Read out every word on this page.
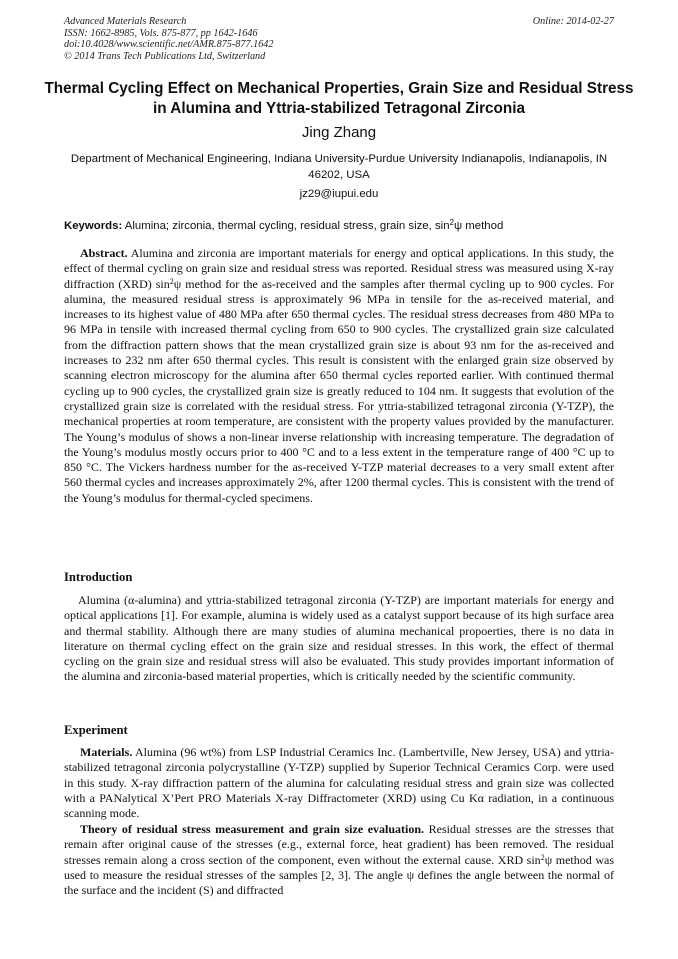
Advanced Materials Research
ISSN: 1662-8985, Vols. 875-877, pp 1642-1646
doi:10.4028/www.scientific.net/AMR.875-877.1642
© 2014 Trans Tech Publications Ltd, Switzerland
Online: 2014-02-27
Thermal Cycling Effect on Mechanical Properties, Grain Size and Residual Stress in Alumina and Yttria-stabilized Tetragonal Zirconia
Jing Zhang
Department of Mechanical Engineering, Indiana University-Purdue University Indianapolis, Indianapolis, IN 46202, USA
jz29@iupui.edu
Keywords: Alumina; zirconia, thermal cycling, residual stress, grain size, $\sin^2\psi$ method
Abstract. Alumina and zirconia are important materials for energy and optical applications. In this study, the effect of thermal cycling on grain size and residual stress was reported. Residual stress was measured using X-ray diffraction (XRD) $\sin^2\psi$ method for the as-received and the samples after thermal cycling up to 900 cycles. For alumina, the measured residual stress is approximately 96 MPa in tensile for the as-received material, and increases to its highest value of 480 MPa after 650 thermal cycles. The residual stress decreases from 480 MPa to 96 MPa in tensile with increased thermal cycling from 650 to 900 cycles. The crystallized grain size calculated from the diffraction pattern shows that the mean crystallized grain size is about 93 nm for the as-received and increases to 232 nm after 650 thermal cycles. This result is consistent with the enlarged grain size observed by scanning electron microscopy for the alumina after 650 thermal cycles reported earlier. With continued thermal cycling up to 900 cycles, the crystallized grain size is greatly reduced to 104 nm. It suggests that evolution of the crystallized grain size is correlated with the residual stress. For yttria-stabilized tetragonal zirconia (Y-TZP), the mechanical properties at room temperature, are consistent with the property values provided by the manufacturer. The Young’s modulus of shows a non-linear inverse relationship with increasing temperature. The degradation of the Young’s modulus mostly occurs prior to 400 °C and to a less extent in the temperature range of 400 °C up to 850 °C. The Vickers hardness number for the as-received Y-TZP material decreases to a very small extent after 560 thermal cycles and increases approximately 2%, after 1200 thermal cycles. This is consistent with the trend of the Young’s modulus for thermal-cycled specimens.
Introduction
Alumina (α-alumina) and yttria-stabilized tetragonal zirconia (Y-TZP) are important materials for energy and optical applications [1]. For example, alumina is widely used as a catalyst support because of its high surface area and thermal stability. Although there are many studies of alumina mechanical propoerties, there is no data in literature on thermal cycling effect on the grain size and residual stresses. In this work, the effect of thermal cycling on the grain size and residual stress will also be evaluated. This study provides important information of the alumina and zirconia-based material properties, which is critically needed by the scientific community.
Experiment
Materials. Alumina (96 wt%) from LSP Industrial Ceramics Inc. (Lambertville, New Jersey, USA) and yttria-stabilized tetragonal zirconia polycrystalline (Y-TZP) supplied by Superior Technical Ceramics Corp. were used in this study. X-ray diffraction pattern of the alumina for calculating residual stress and grain size was collected with a PANalytical X’Pert PRO Materials X-ray Diffractometer (XRD) using Cu Kα radiation, in a continuous scanning mode.
Theory of residual stress measurement and grain size evaluation. Residual stresses are the stresses that remain after original cause of the stresses (e.g., external force, heat gradient) has been removed. The residual stresses remain along a cross section of the component, even without the external cause. XRD $\sin^2\psi$ method was used to measure the residual stresses of the samples [2, 3]. The angle ψ defines the angle between the normal of the surface and the incident (S) and diffracted
